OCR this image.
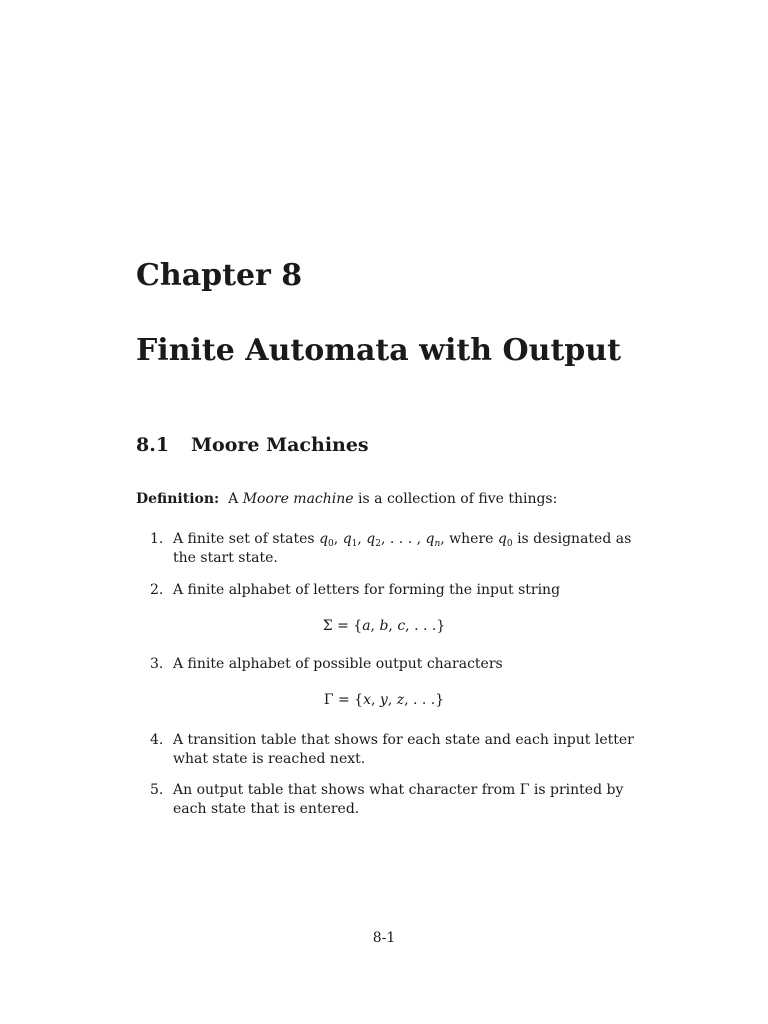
Chapter 8
Finite Automata with Output
8.1 Moore Machines
Definition: A Moore machine is a collection of five things:
1. A finite set of states $q_0$, $q_1$, $q_2$, . . . , $q_n$, where $q_0$ is designated as the start state.
2. A finite alphabet of letters for forming the input string
Σ = {a, b, c, . . .}
3. A finite alphabet of possible output characters
Γ = {x, y, z, . . .}
4. A transition table that shows for each state and each input letter what state is reached next.
5. An output table that shows what character from Γ is printed by each state that is entered.
8-1
